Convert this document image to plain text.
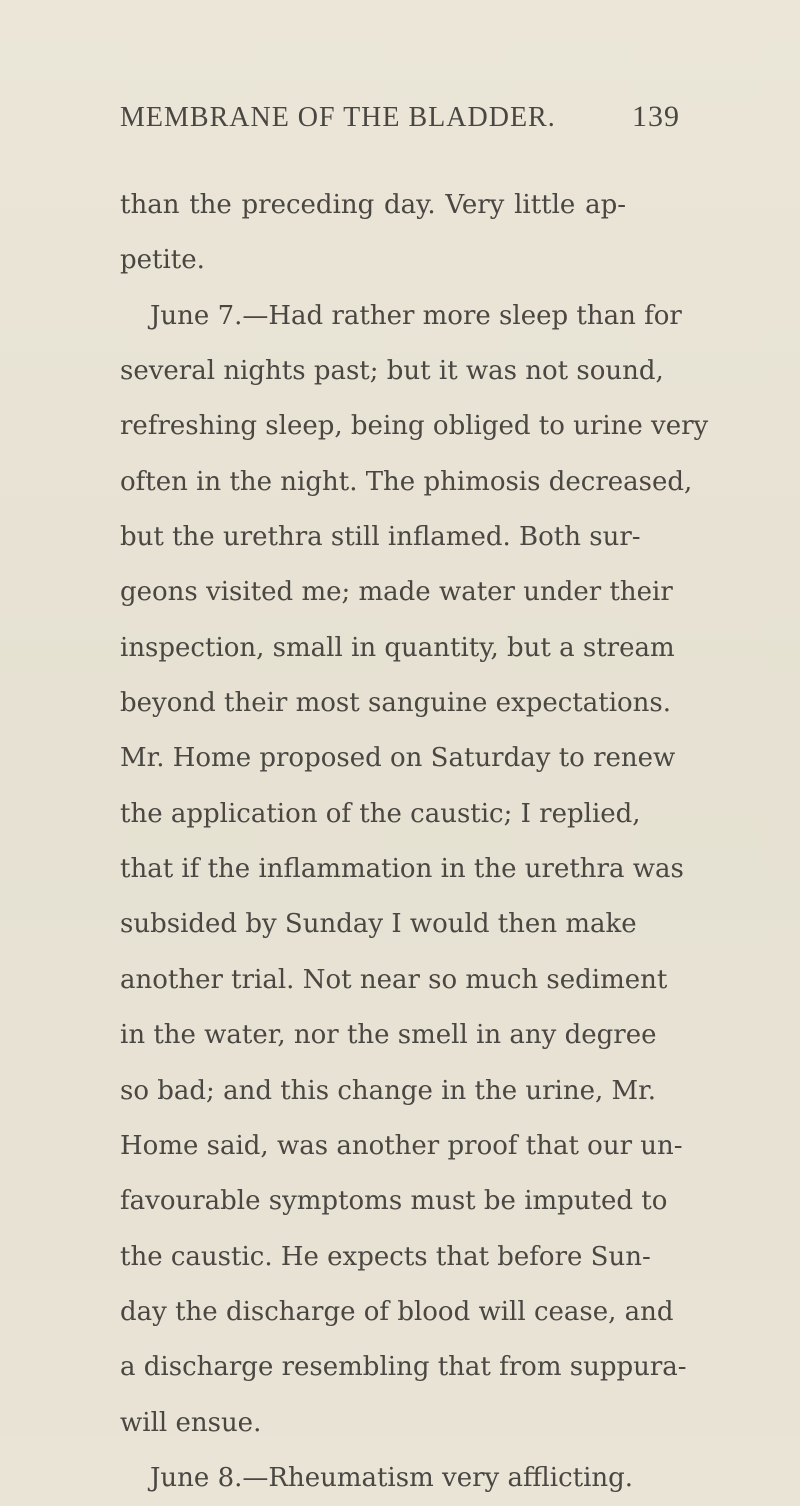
MEMBRANE OF THE BLADDER.	139
than the preceding day. Very little ap-
petite.
June 7.—Had rather more sleep than for
several nights past; but it was not sound,
refreshing sleep, being obliged to urine very
often in the night. The phimosis decreased,
but the urethra still inflamed. Both sur-
geons visited me; made water under their
inspection, small in quantity, but a stream
beyond their most sanguine expectations.
Mr. Home proposed on Saturday to renew
the application of the caustic; I replied,
that if the inflammation in the urethra was
subsided by Sunday I would then make
another trial. Not near so much sediment
in the water, nor the smell in any degree
so bad; and this change in the urine, Mr.
Home said, was another proof that our un-
favourable symptoms must be imputed to
the caustic. He expects that before Sun-
day the discharge of blood will cease, and
a discharge resembling that from suppura-
will ensue.
June 8.—Rheumatism very afflicting.
